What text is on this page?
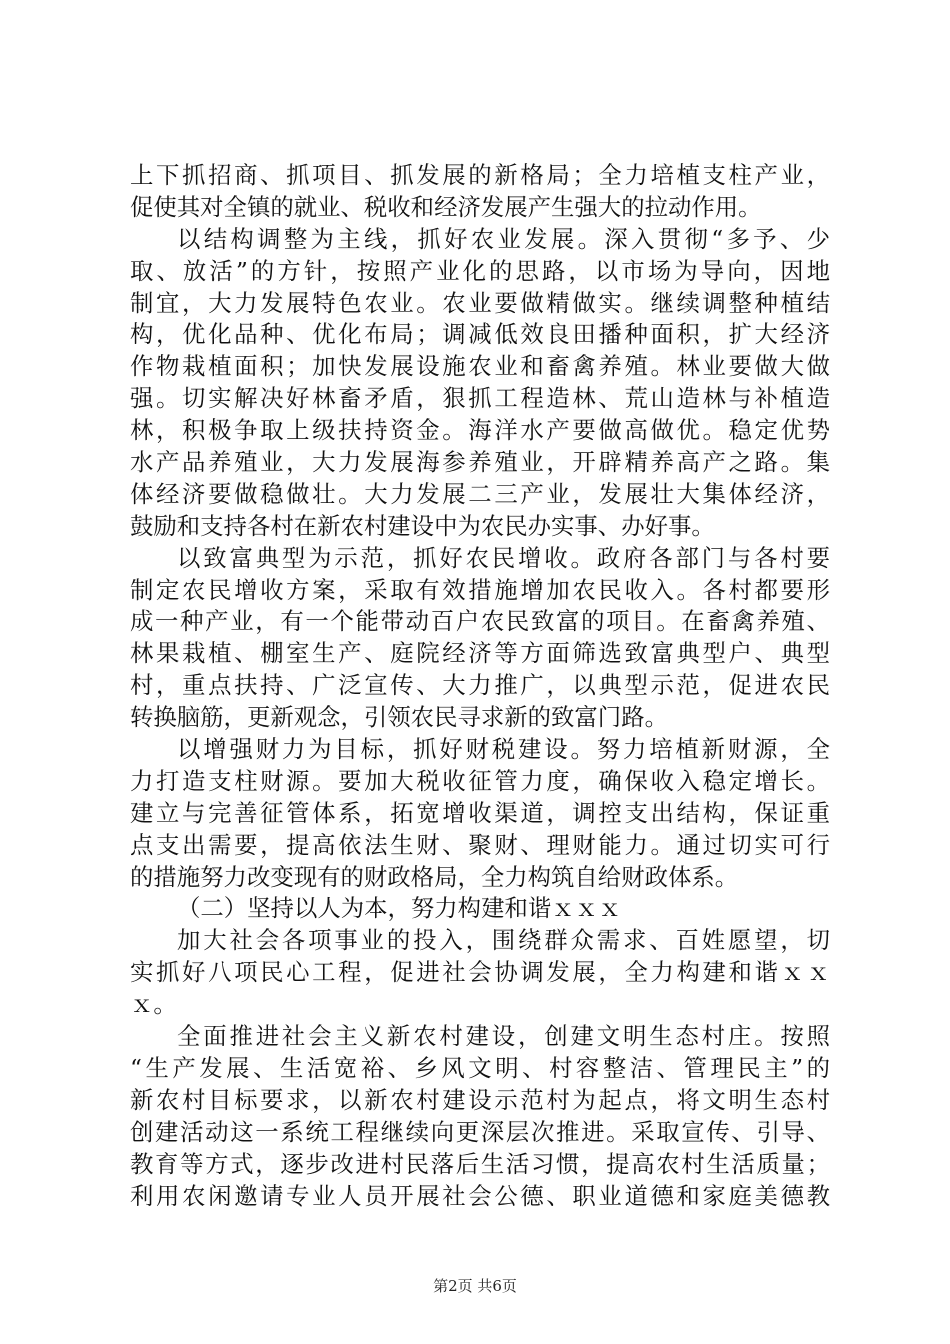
上下抓招商、抓项目、抓发展的新格局；全力培植支柱产业，
促使其对全镇的就业、税收和经济发展产生强大的拉动作用。
以结构调整为主线，抓好农业发展。深入贯彻“多予、少
取、放活”的方针，按照产业化的思路，以市场为导向，因地
制宜，大力发展特色农业。农业要做精做实。继续调整种植结
构，优化品种、优化布局；调减低效良田播种面积，扩大经济
作物栽植面积；加快发展设施农业和畜禽养殖。林业要做大做
强。切实解决好林畜矛盾，狠抓工程造林、荒山造林与补植造
林，积极争取上级扶持资金。海洋水产要做高做优。稳定优势
水产品养殖业，大力发展海参养殖业，开辟精养高产之路。集
体经济要做稳做壮。大力发展二三产业，发展壮大集体经济，
鼓励和支持各村在新农村建设中为农民办实事、办好事。
以致富典型为示范，抓好农民增收。政府各部门与各村要
制定农民增收方案，采取有效措施增加农民收入。各村都要形
成一种产业，有一个能带动百户农民致富的项目。在畜禽养殖、
林果栽植、棚室生产、庭院经济等方面筛选致富典型户、典型
村，重点扶持、广泛宣传、大力推广，以典型示范，促进农民
转换脑筋，更新观念，引领农民寻求新的致富门路。
以增强财力为目标，抓好财税建设。努力培植新财源，全
力打造支柱财源。要加大税收征管力度，确保收入稳定增长。
建立与完善征管体系，拓宽增收渠道，调控支出结构，保证重
点支出需要，提高依法生财、聚财、理财能力。通过切实可行
的措施努力改变现有的财政格局，全力构筑自给财政体系。
（二）坚持以人为本，努力构建和谐ｘｘｘ
加大社会各项事业的投入，围绕群众需求、百姓愿望，切
实抓好八项民心工程，促进社会协调发展，全力构建和谐ｘｘ
ｘ。
全面推进社会主义新农村建设，创建文明生态村庄。按照
“生产发展、生活宽裕、乡风文明、村容整洁、管理民主”的
新农村目标要求，以新农村建设示范村为起点，将文明生态村
创建活动这一系统工程继续向更深层次推进。采取宣传、引导、
教育等方式，逐步改进村民落后生活习惯，提高农村生活质量；
利用农闲邀请专业人员开展社会公德、职业道德和家庭美德教
第2页 共6页
